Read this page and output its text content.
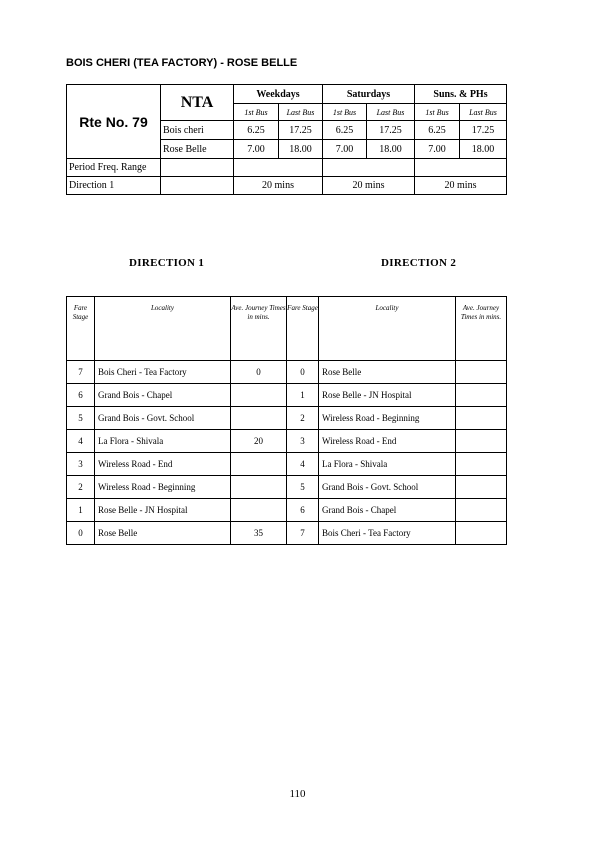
BOIS CHERI (TEA FACTORY) - ROSE BELLE
Rte No. 79	NTA	Weekdays		Saturdays		Suns. & PHs	
		1st Bus	Last Bus	1st Bus	Last Bus	1st Bus	Last Bus
	Bois cheri	6.25	17.25	6.25	17.25	6.25	17.25
	Rose Belle	7.00	18.00	7.00	18.00	7.00	18.00
Period Freq. Range							
Direction 1		20 mins		20 mins		20 mins	
DIRECTION 1	DIRECTION 2
Fare Stage	Locality	Ave. Journey Times in mins.	Fare Stage	Locality	Ave. Journey Times in mins.
7	Bois Cheri - Tea Factory	0	0	Rose Belle	
6	Grand Bois - Chapel		1	Rose Belle - JN Hospital	
5	Grand Bois - Govt. School		2	Wireless Road - Beginning	
4	La Flora - Shivala	20	3	Wireless Road - End	
3	Wireless Road - End		4	La Flora - Shivala	
2	Wireless Road - Beginning		5	Grand Bois - Govt. School	
1	Rose Belle - JN Hospital		6	Grand Bois - Chapel	
0	Rose Belle	35	7	Bois Cheri - Tea Factory	
110
